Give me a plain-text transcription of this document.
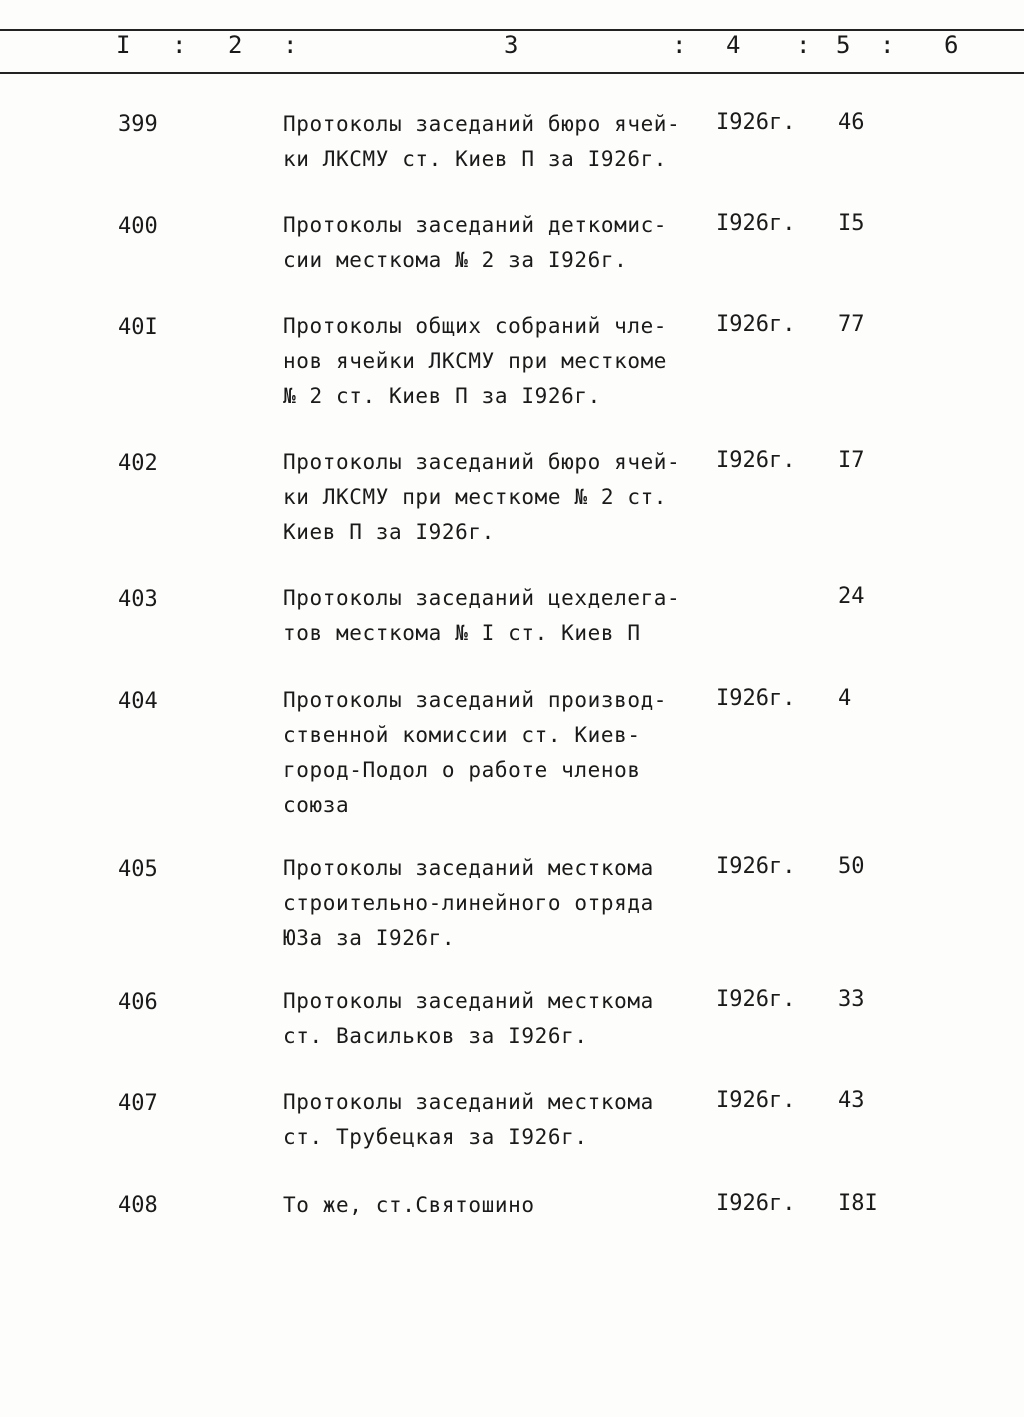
I : 2 :	3	: 4 : 5 : 6
399	Протоколы заседаний бюро ячей-
ки ЛКСМУ ст. Киев П за I926г.
I926г. 46
400	Протоколы заседаний деткомис-
сии месткома № 2 за I926г.
I926г. I5
40I	Протоколы общих собраний чле-
нов ячейки ЛКСМУ при месткоме
№ 2 ст. Киев П за I926г.
I926г. 77
402	Протоколы заседаний бюро ячей-
ки ЛКСМУ при месткоме № 2 ст.
Киев П за I926г.
I926г. I7
403	Протоколы заседаний цехделега-
тов месткома № I ст. Киев П
24
404	Протоколы заседаний производ-
ственной комиссии ст. Киев-
город-Подол о работе членов
союза
I926г. 4
405	Протоколы заседаний месткома
строительно-линейного отряда
ЮЗа за I926г.
I926г. 50
406	Протоколы заседаний месткома
ст. Васильков за I926г.
I926г. 33
407	Протоколы заседаний месткома
ст. Трубецкая за I926г.
I926г. 43
408	То же, ст.Святошино	I926г. I8I
